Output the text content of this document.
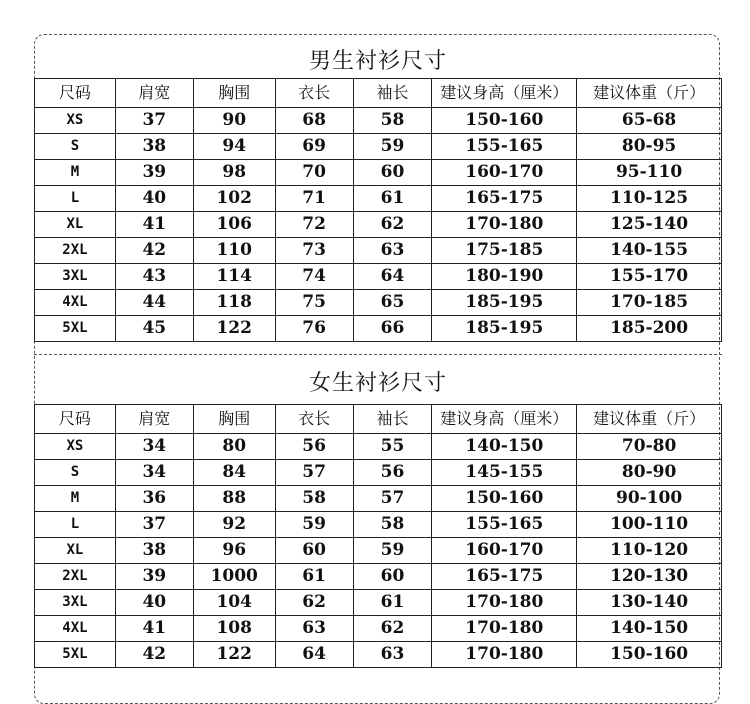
男生衬衫尺寸
尺码	肩宽	胸围	衣长	袖长	建议身高（厘米）	建议体重（斤）
XS	37	90	68	58	150-160	65-68
S	38	94	69	59	155-165	80-95
M	39	98	70	60	160-170	95-110
L	40	102	71	61	165-175	110-125
XL	41	106	72	62	170-180	125-140
2XL	42	110	73	63	175-185	140-155
3XL	43	114	74	64	180-190	155-170
4XL	44	118	75	65	185-195	170-185
5XL	45	122	76	66	185-195	185-200
女生衬衫尺寸
尺码	肩宽	胸围	衣长	袖长	建议身高（厘米）	建议体重（斤）
XS	34	80	56	55	140-150	70-80
S	34	84	57	56	145-155	80-90
M	36	88	58	57	150-160	90-100
L	37	92	59	58	155-165	100-110
XL	38	96	60	59	160-170	110-120
2XL	39	1000	61	60	165-175	120-130
3XL	40	104	62	61	170-180	130-140
4XL	41	108	63	62	170-180	140-150
5XL	42	122	64	63	170-180	150-160
